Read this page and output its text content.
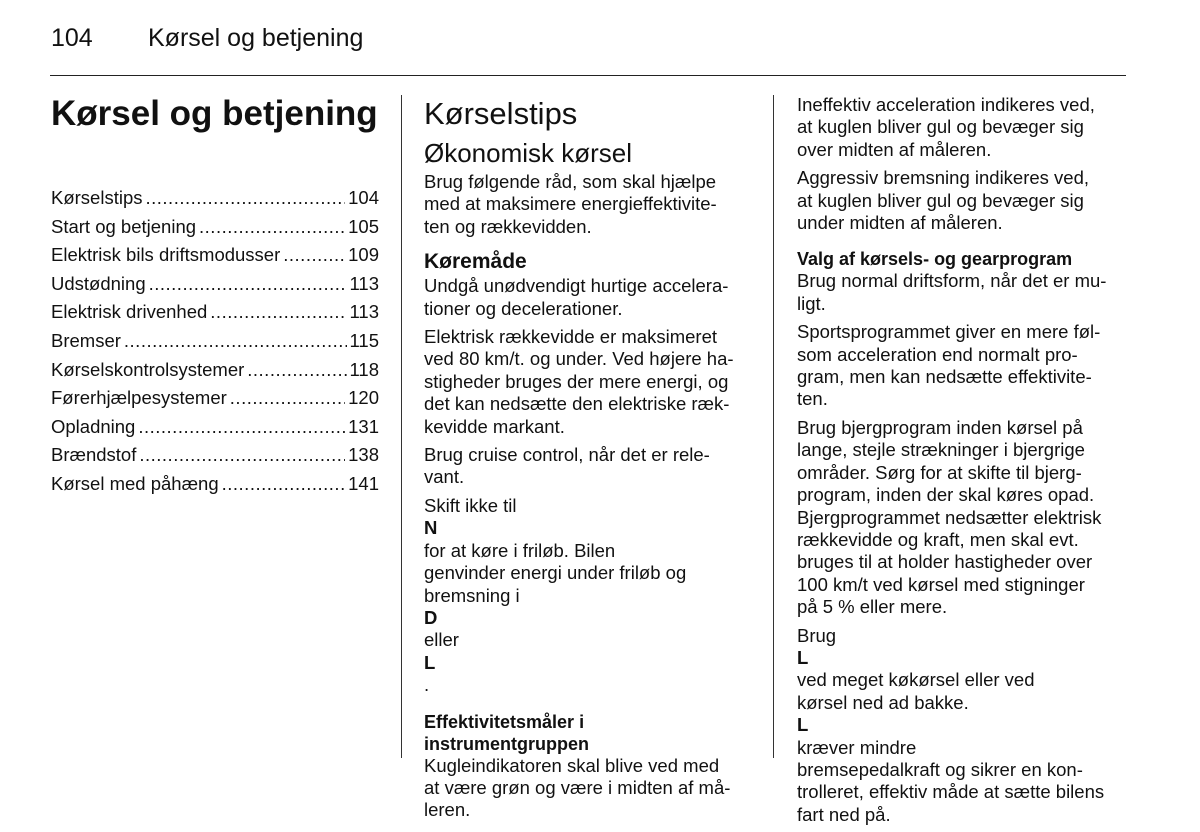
104 Kørsel og betjening
Kørsel og betjening
Kørselstips .....	104
Start og betjening .....	105
Elektrisk bils driftsmodusser .....	109
Udstødning .....	113
Elektrisk drivenhed .....	113
Bremser .....	115
Kørselskontrolsystemer .....	118
Førerhjælpesystemer .....	120
Opladning .....	131
Brændstof .....	138
Kørsel med påhæng .....	141
Kørselstips
Økonomisk kørsel

Brug følgende råd, som skal hjælpe
med at maksimere energieffektivite-
ten og rækkevidden.

Køremåde

Undgå unødvendigt hurtige accelera-
tioner og decelerationer.

Elektrisk rækkevidde er maksimeret
ved 80 km/t. og under. Ved højere ha-
stigheder bruges der mere energi, og
det kan nedsætte den elektriske ræk-
kevidde markant.

Brug cruise control, når det er rele-
vant.

Skift ikke til
N
for at køre i friløb. Bilen
genvinder energi under friløb og
bremsning i
D
eller
L
.

Effektivitetsmåler i
instrumentgruppen

Kugleindikatoren skal blive ved med
at være grøn og være i midten af må-
leren.

Ineffektiv acceleration indikeres ved,
at kuglen bliver gul og bevæger sig
over midten af måleren.

Aggressiv bremsning indikeres ved,
at kuglen bliver gul og bevæger sig
under midten af måleren.

Valg af kørsels- og gearprogram

Brug normal driftsform, når det er mu-
ligt.

Sportsprogrammet giver en mere føl-
som acceleration end normalt pro-
gram, men kan nedsætte effektivite-
ten.

Brug bjergprogram inden kørsel på
lange, stejle strækninger i bjergrige
områder. Sørg for at skifte til bjerg-
program, inden der skal køres opad.
Bjergprogrammet nedsætter elektrisk
rækkevidde og kraft, men skal evt.
bruges til at holder hastigheder over
100 km/t ved kørsel med stigninger
på 5 % eller mere.

Brug
L
ved meget køkørsel eller ved
kørsel ned ad bakke.
L
kræver mindre
bremsepedalkraft og sikrer en kon-
trolleret, effektiv måde at sætte bilens
fart ned på.
